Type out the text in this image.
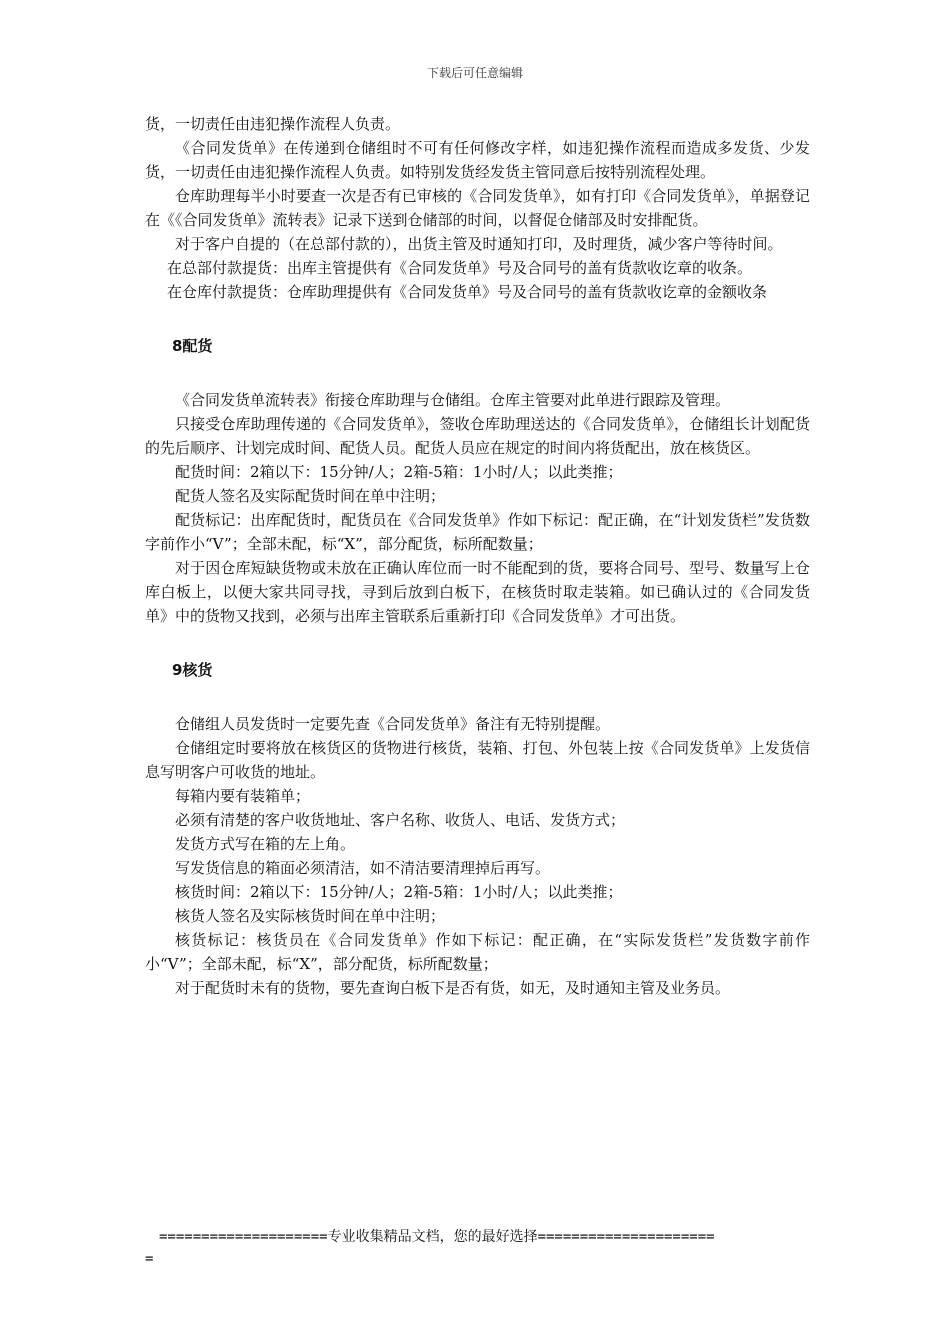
下载后可任意编辑

货，一切责任由违犯操作流程人负责。

《合同发货单》在传递到仓储组时不可有任何修改字样，如违犯操作流程而造成多发货、少发货，一切责任由违犯操作流程人负责。如特别发货经发货主管同意后按特别流程处理。

仓库助理每半小时要查一次是否有已审核的《合同发货单》，如有打印《合同发货单》，单据登记在《《合同发货单》流转表》记录下送到仓储部的时间，以督促仓储部及时安排配货。

对于客户自提的（在总部付款的），出货主管及时通知打印，及时理货，减少客户等待时间。

在总部付款提货：出库主管提供有《合同发货单》号及合同号的盖有货款收讫章的收条。

在仓库付款提货：仓库助理提供有《合同发货单》号及合同号的盖有货款收讫章的金额收条

8配货

《合同发货单流转表》衔接仓库助理与仓储组。仓库主管要对此单进行跟踪及管理。

只接受仓库助理传递的《合同发货单》，签收仓库助理送达的《合同发货单》，仓储组长计划配货的先后顺序、计划完成时间、配货人员。配货人员应在规定的时间内将货配出，放在核货区。

配货时间：2箱以下：15分钟/人；2箱-5箱：1小时/人；以此类推；

配货人签名及实际配货时间在单中注明；

配货标记：出库配货时，配货员在《合同发货单》作如下标记：配正确，在“计划发货栏”发货数字前作小“V”；全部未配，标“X”，部分配货，标所配数量；

对于因仓库短缺货物或未放在正确认库位而一时不能配到的货，要将合同号、型号、数量写上仓库白板上，以便大家共同寻找，寻到后放到白板下，在核货时取走装箱。如已确认过的《合同发货单》中的货物又找到，必须与出库主管联系后重新打印《合同发货单》才可出货。

9核货

仓储组人员发货时一定要先查《合同发货单》备注有无特别提醒。

仓储组定时要将放在核货区的货物进行核货，装箱、打包、外包装上按《合同发货单》上发货信息写明客户可收货的地址。

每箱内要有装箱单；

必须有清楚的客户收货地址、客户名称、收货人、电话、发货方式；

发货方式写在箱的左上角。

写发货信息的箱面必须清洁，如不清洁要清理掉后再写。

核货时间：2箱以下：15分钟/人；2箱-5箱：1小时/人；以此类推；

核货人签名及实际核货时间在单中注明；

核货标记：核货员在《合同发货单》作如下标记：配正确，在“实际发货栏”发货数字前作小“V”；全部未配，标“X”，部分配货，标所配数量；

对于配货时未有的货物，要先查询白板下是否有货，如无，及时通知主管及业务员。

====================专业收集精品文档，您的最好选择=====================
=
